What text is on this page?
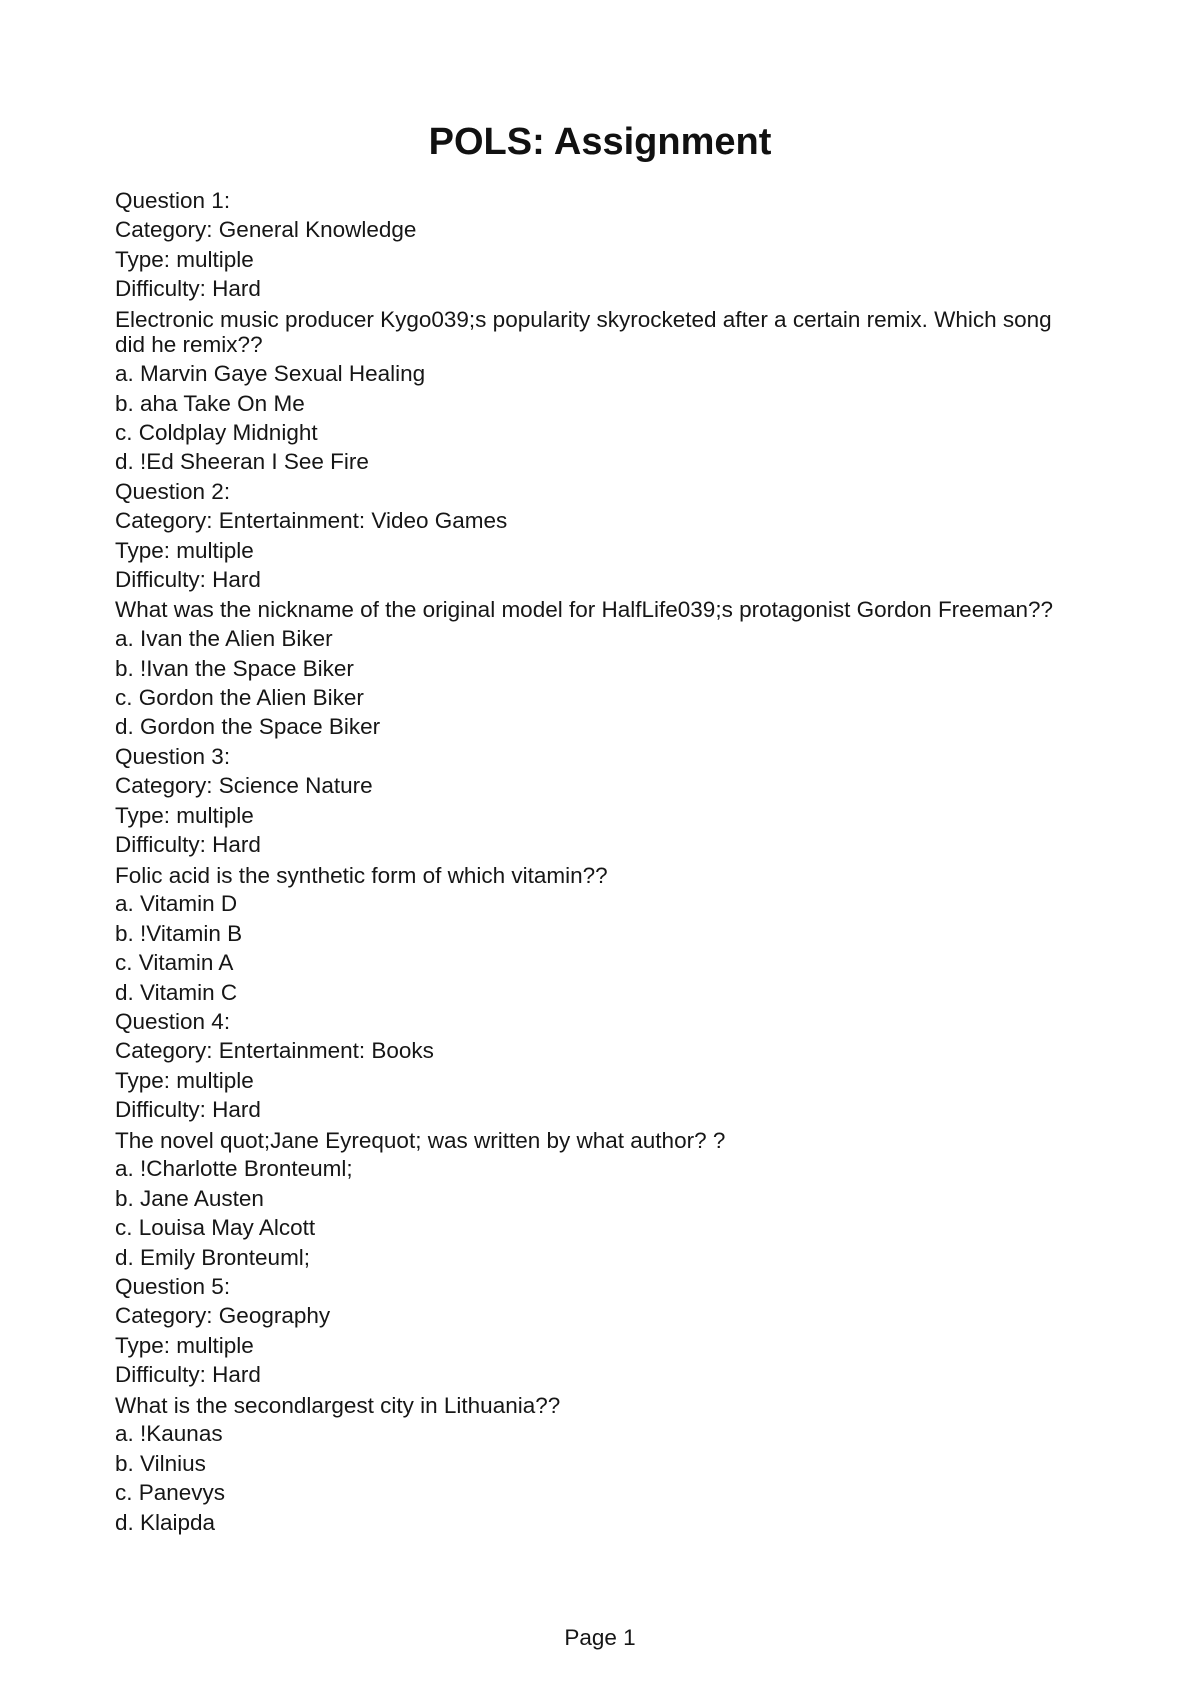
POLS: Assignment
Question 1:
Category: General Knowledge
Type: multiple
Difficulty: Hard
Electronic music producer Kygo039;s popularity skyrocketed after a certain remix. Which song did he remix??
a. Marvin Gaye Sexual Healing
b. aha Take On Me
c. Coldplay Midnight
d. !Ed Sheeran I See Fire
Question 2:
Category: Entertainment: Video Games
Type: multiple
Difficulty: Hard
What was the nickname of the original model for HalfLife039;s protagonist Gordon Freeman??
a. Ivan the Alien Biker
b. !Ivan the Space Biker
c. Gordon the Alien Biker
d. Gordon the Space Biker
Question 3:
Category: Science Nature
Type: multiple
Difficulty: Hard
Folic acid is the synthetic form of which vitamin??
a. Vitamin D
b. !Vitamin B
c. Vitamin A
d. Vitamin C
Question 4:
Category: Entertainment: Books
Type: multiple
Difficulty: Hard
The novel quot;Jane Eyrequot; was written by what author? ?
a. !Charlotte Bronteuml;
b. Jane Austen
c. Louisa May Alcott
d. Emily Bronteuml;
Question 5:
Category: Geography
Type: multiple
Difficulty: Hard
What is the secondlargest city in Lithuania??
a. !Kaunas
b. Vilnius
c. Panevys
d. Klaipda
Page 1
